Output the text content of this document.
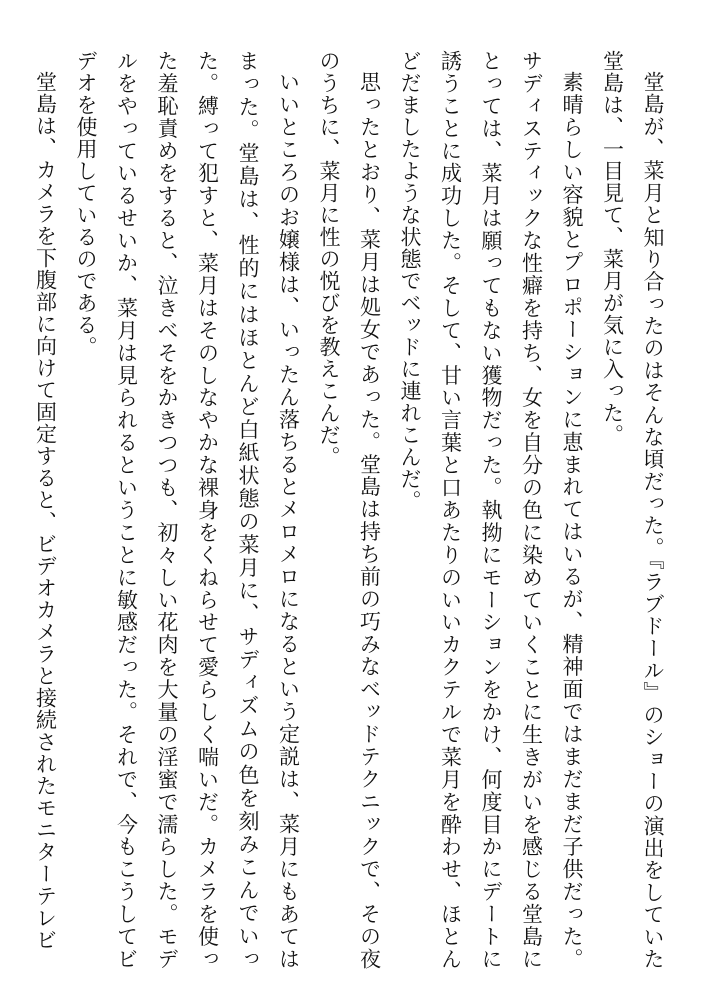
堂島が、菜月と知り合ったのはそんな頃だった。『ラブドール』のショーの演出をしていた堂島は、一目見て、菜月が気に入った。

素晴らしい容貌とプロポーションに恵まれてはいるが、精神面ではまだまだ子供だった。サディスティックな性癖を持ち、女を自分の色に染めていくことに生きがいを感じる堂島にとっては、菜月は願ってもない獲物だった。執拗にモーションをかけ、何度目かにデートに誘うことに成功した。そして、甘い言葉と口あたりのいいカクテルで菜月を酔わせ、ほとんどだましたような状態でベッドに連れこんだ。

思ったとおり、菜月は処女であった。堂島は持ち前の巧みなベッドテクニックで、その夜のうちに、菜月に性の悦びを教えこんだ。

いいところのお嬢様は、いったん落ちるとメロメロになるという定説は、菜月にもあてはまった。堂島は、性的にはほとんど白紙状態の菜月に、サディズムの色を刻みこんでいった。縛って犯すと、菜月はそのしなやかな裸身をくねらせて愛らしく喘いだ。カメラを使った羞恥責めをすると、泣きべそをかきつつも、初々しい花肉を大量の淫蜜で濡らした。モデルをやっているせいか、菜月は見られるということに敏感だった。それで、今もこうしてビデオを使用しているのである。

堂島は、カメラを下腹部に向けて固定すると、ビデオカメラと接続されたモニターテレビ
